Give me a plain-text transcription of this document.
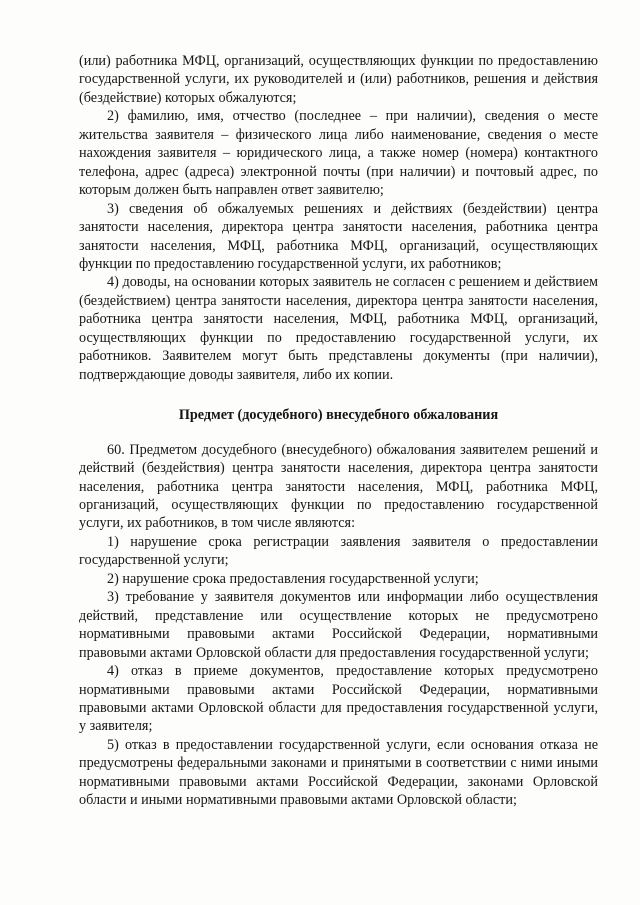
(или) работника МФЦ, организаций, осуществляющих функции по предоставлению государственной услуги, их руководителей и (или) работников, решения и действия (бездействие) которых обжалуются;

2) фамилию, имя, отчество (последнее – при наличии), сведения о месте жительства заявителя – физического лица либо наименование, сведения о месте нахождения заявителя – юридического лица, а также номер (номера) контактного телефона, адрес (адреса) электронной почты (при наличии) и почтовый адрес, по которым должен быть направлен ответ заявителю;

3) сведения об обжалуемых решениях и действиях (бездействии) центра занятости населения, директора центра занятости населения, работника центра занятости населения, МФЦ, работника МФЦ, организаций, осуществляющих функции по предоставлению государственной услуги, их работников;

4) доводы, на основании которых заявитель не согласен с решением и действием (бездействием) центра занятости населения, директора центра занятости населения, работника центра занятости населения, МФЦ, работника МФЦ, организаций, осуществляющих функции по предоставлению государственной услуги, их работников. Заявителем могут быть представлены документы (при наличии), подтверждающие доводы заявителя, либо их копии.

Предмет (досудебного) внесудебного обжалования

60. Предметом досудебного (внесудебного) обжалования заявителем решений и действий (бездействия) центра занятости населения, директора центра занятости населения, работника центра занятости населения, МФЦ, работника МФЦ, организаций, осуществляющих функции по предоставлению государственной услуги, их работников, в том числе являются:

1) нарушение срока регистрации заявления заявителя о предоставлении государственной услуги;

2) нарушение срока предоставления государственной услуги;

3) требование у заявителя документов или информации либо осуществления действий, представление или осуществление которых не предусмотрено нормативными правовыми актами Российской Федерации, нормативными правовыми актами Орловской области для предоставления государственной услуги;

4) отказ в приеме документов, предоставление которых предусмотрено нормативными правовыми актами Российской Федерации, нормативными правовыми актами Орловской области для предоставления государственной услуги, у заявителя;

5) отказ в предоставлении государственной услуги, если основания отказа не предусмотрены федеральными законами и принятыми в соответствии с ними иными нормативными правовыми актами Российской Федерации, законами Орловской области и иными нормативными правовыми актами Орловской области;
